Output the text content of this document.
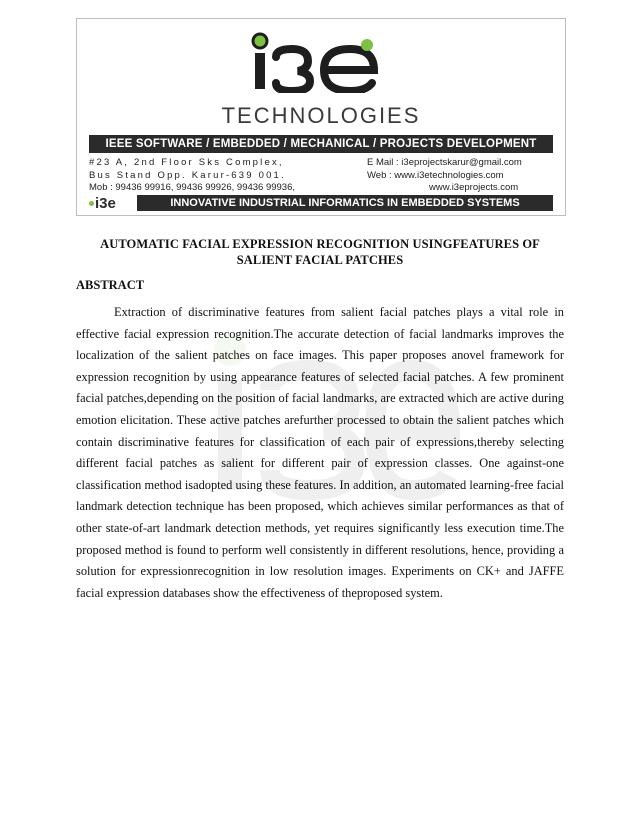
TECHNOLOGIES
IEEE SOFTWARE / EMBEDDED / MECHANICAL / PROJECTS DEVELOPMENT
#23 A, 2nd Floor Sks Complex,
Bus Stand Opp. Karur-639 001.
Mob : 99436 99916, 99436 99926, 99436 99936,
E Mail : i3eprojectskarur@gmail.com
Web : www.i3etechnologies.com
www.i3eprojects.com
i3e	INNOVATIVE INDUSTRIAL INFORMATICS IN EMBEDDED SYSTEMS
AUTOMATIC FACIAL EXPRESSION RECOGNITION USINGFEATURES OF
SALIENT FACIAL PATCHES
ABSTRACT

Extraction of discriminative features from salient facial patches plays a vital role in effective facial expression recognition.The accurate detection of facial landmarks improves the localization of the salient patches on face images. This paper proposes anovel framework for expression recognition by using appearance features of selected facial patches. A few prominent facial patches,depending on the position of facial landmarks, are extracted which are active during emotion elicitation. These active patches arefurther processed to obtain the salient patches which contain discriminative features for classification of each pair of expressions,thereby selecting different facial patches as salient for different pair of expression classes. One against-one classification method isadopted using these features. In addition, an automated learning-free facial landmark detection technique has been proposed, which achieves similar performances as that of other state-of-art landmark detection methods, yet requires significantly less execution time.The proposed method is found to perform well consistently in different resolutions, hence, providing a solution for expressionrecognition in low resolution images. Experiments on CK+ and JAFFE facial expression databases show the effectiveness of theproposed system.
